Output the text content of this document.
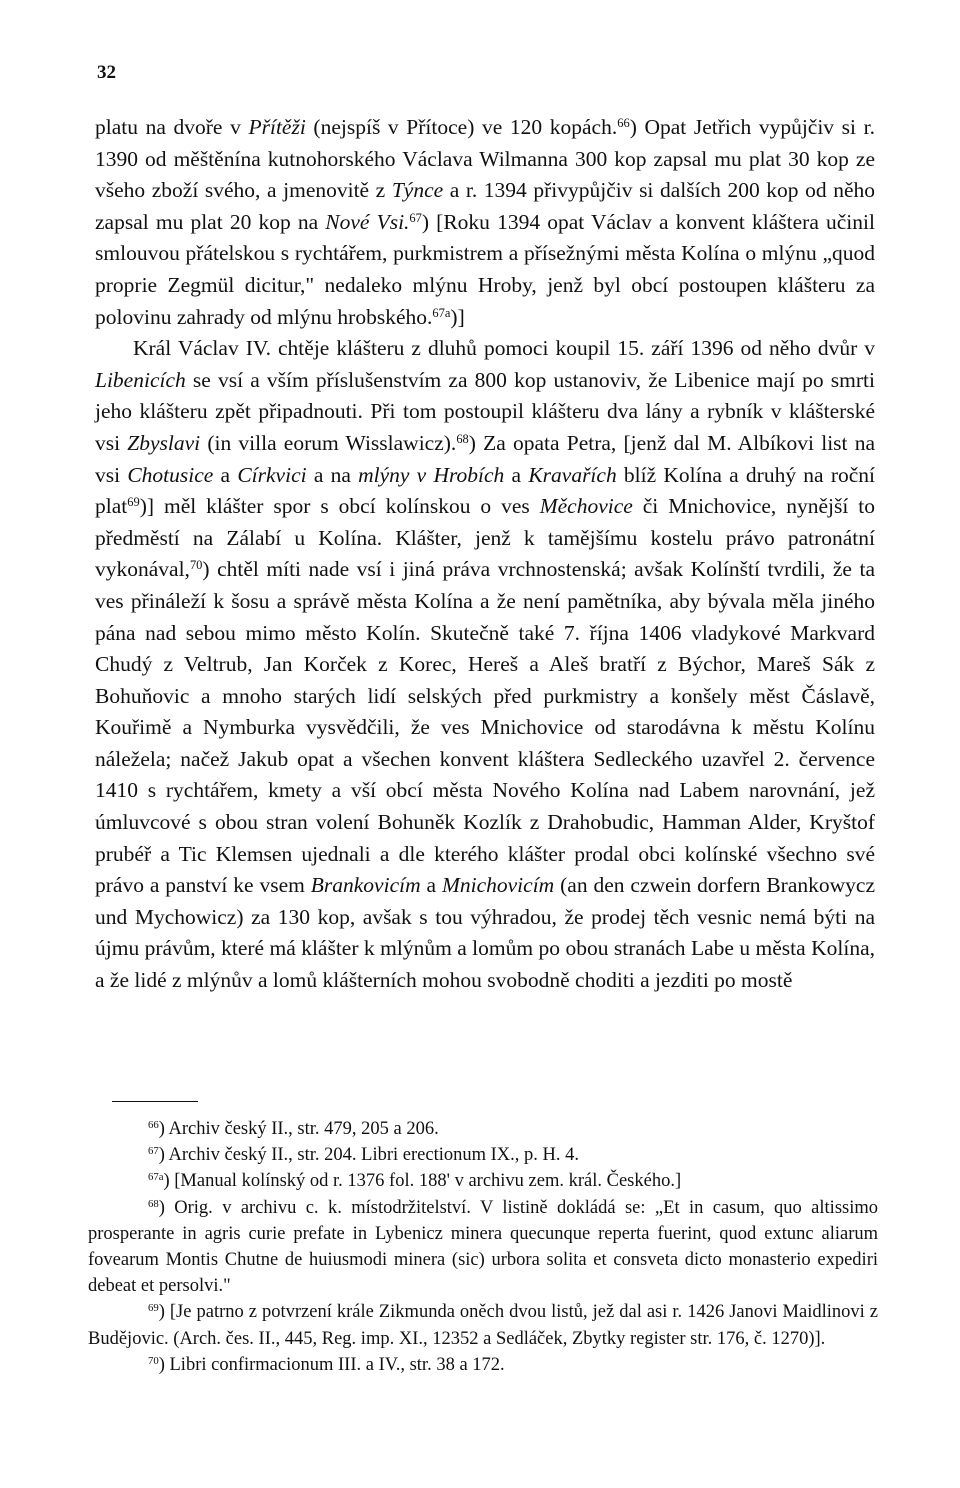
32

platu na dvoře v Přítěži (nejspíš v Přítoce) ve 120 kopách.$^{66}$) Opat Jetřich vypůjčiv si r. 1390 od měštěnína kutnohorského Václava Wilmanna 300 kop zapsal mu plat 30 kop ze všeho zboží svého, a jmenovitě z Týnce a r. 1394 přivypůjčiv si dalších 200 kop od něho zapsal mu plat 20 kop na Nové Vsi.$^{67}$) [Roku 1394 opat Václav a konvent kláštera učinil smlouvou přátelskou s rychtářem, purkmistrem a přísežnými města Kolína o mlýnu „quod proprie Zegmül dicitur," nedaleko mlýnu Hroby, jenž byl obcí postoupen klášteru za polovinu zahrady od mlýnu hrobského.$^{67a}$)]

Král Václav IV. chtěje klášteru z dluhů pomoci koupil 15. září 1396 od něho dvůr v Libenicích se vsí a vším příslušenstvím za 800 kop ustanoviv, že Libenice mají po smrti jeho klášteru zpět připadnouti. Při tom postoupil klášteru dva lány a rybník v klášterské vsi Zbyslavi (in villa eorum Wisslawicz).$^{68}$) Za opata Petra, [jenž dal M. Albíkovi list na vsi Chotusice a Církvici a na mlýny v Hrobích a Kravařích blíž Kolína a druhý na roční plat$^{69}$)] měl klášter spor s obcí kolínskou o ves Měchovice či Mnichovice, nynější to předměstí na Zálabí u Kolína. Klášter, jenž k tamějšímu kostelu právo patronátní vykonával,$^{70}$) chtěl míti nade vsí i jiná práva vrchnostenská; avšak Kolínští tvrdili, že ta ves přináleží k šosu a správě města Kolína a že není pamětníka, aby bývala měla jiného pána nad sebou mimo město Kolín. Skutečně také 7. října 1406 vladykové Markvard Chudý z Veltrub, Jan Korček z Korec, Hereš a Aleš bratří z Býchor, Mareš Sák z Bohuňovic a mnoho starých lidí selských před purkmistry a konšely měst Čáslavě, Kouřimě a Nymburka vysvědčili, že ves Mnichovice od starodávna k městu Kolínu náležela; načež Jakub opat a všechen konvent kláštera Sedleckého uzavřel 2. července 1410 s rychtářem, kmety a vší obcí města Nového Kolína nad Labem narovnání, jež úmluvcové s obou stran volení Bohuněk Kozlík z Drahobudic, Hamman Alder, Kryštof prubéř a Tic Klemsen ujednali a dle kterého klášter prodal obci kolínské všechno své právo a panství ke vsem Brankovicím a Mnichovicím (an den czwein dorfern Brankowycz und Mychowicz) za 130 kop, avšak s tou výhradou, že prodej těch vesnic nemá býti na újmu právům, které má klášter k mlýnům a lomům po obou stranách Labe u města Kolína, a že lidé z mlýnův a lomů klášterních mohou svobodně choditi a jezditi po mostě

$^{66}$) Archiv český II., str. 479, 205 a 206.

$^{67}$) Archiv český II., str. 204. Libri erectionum IX., p. H. 4.

$^{67a}$) [Manual kolínský od r. 1376 fol. 188' v archivu zem. král. Českého.]

$^{68}$) Orig. v archivu c. k. místodržitelství. V listině dokládá se: „Et in casum, quo altissimo prosperante in agris curie prefate in Lybenicz minera quecunque reperta fuerint, quod extunc aliarum fovearum Montis Chutne de huiusmodi minera (sic) urbora solita et consveta dicto monasterio expediri debeat et persolvi."

$^{69}$) [Je patrno z potvrzení krále Zikmunda oněch dvou listů, jež dal asi r. 1426 Janovi Maidlinovi z Budějovic. (Arch. čes. II., 445, Reg. imp. XI., 12352 a Sedláček, Zbytky register str. 176, č. 1270)].

$^{70}$) Libri confirmacionum III. a IV., str. 38 a 172.
